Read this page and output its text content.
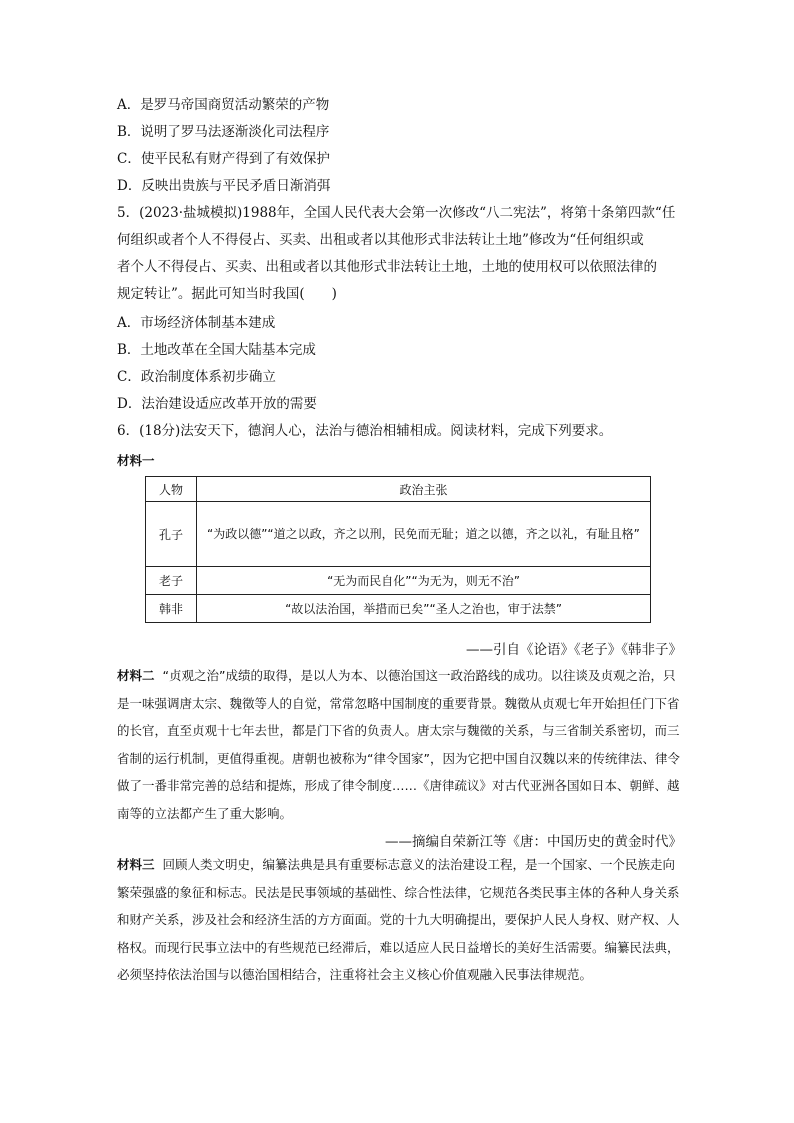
A．是罗马帝国商贸活动繁荣的产物
B．说明了罗马法逐渐淡化司法程序
C．使平民私有财产得到了有效保护
D．反映出贵族与平民矛盾日渐消弭
5．(2023·盐城模拟)1988年，全国人民代表大会第一次修改“八二宪法”，将第十条第四款“任
何组织或者个人不得侵占、买卖、出租或者以其他形式非法转让土地”修改为“任何组织或
者个人不得侵占、买卖、出租或者以其他形式非法转让土地，土地的使用权可以依照法律的
规定转让”。据此可知当时我国(　　)
A．市场经济体制基本建成
B．土地改革在全国大陆基本完成
C．政治制度体系初步确立
D．法治建设适应改革开放的需要
6．(18分)法安天下，德润人心，法治与德治相辅相成。阅读材料，完成下列要求。
材料一
人物	政治主张
孔子	“为政以德”“道之以政，齐之以刑，民免而无耻；道之以德，齐之以礼，有耻且格”
老子	“无为而民自化”“为无为，则无不治”
韩非	“故以法治国，举措而已矣”“圣人之治也，审于法禁”
——引自《论语》《老子》《韩非子》
材料二 “贞观之治”成绩的取得，是以人为本、以德治国这一政治路线的成功。以往谈及贞观之治，只是一味强调唐太宗、魏徵等人的自觉，常常忽略中国制度的重要背景。魏徵从贞观七年开始担任门下省的长官，直至贞观十七年去世，都是门下省的负责人。唐太宗与魏徵的关系，与三省制关系密切，而三省制的运行机制，更值得重视。唐朝也被称为“律令国家”，因为它把中国自汉魏以来的传统律法、律令做了一番非常完善的总结和提炼，形成了律令制度……《唐律疏议》对古代亚洲各国如日本、朝鲜、越南等的立法都产生了重大影响。
——摘编自荣新江等《唐：中国历史的黄金时代》
材料三 回顾人类文明史，编纂法典是具有重要标志意义的法治建设工程，是一个国家、一个民族走向繁荣强盛的象征和标志。民法是民事领域的基础性、综合性法律，它规范各类民事主体的各种人身关系和财产关系，涉及社会和经济生活的方方面面。党的十九大明确提出，要保护人民人身权、财产权、人格权。而现行民事立法中的有些规范已经滞后，难以适应人民日益增长的美好生活需要。编纂民法典，必须坚持依法治国与以德治国相结合，注重将社会主义核心价值观融入民事法律规范。
